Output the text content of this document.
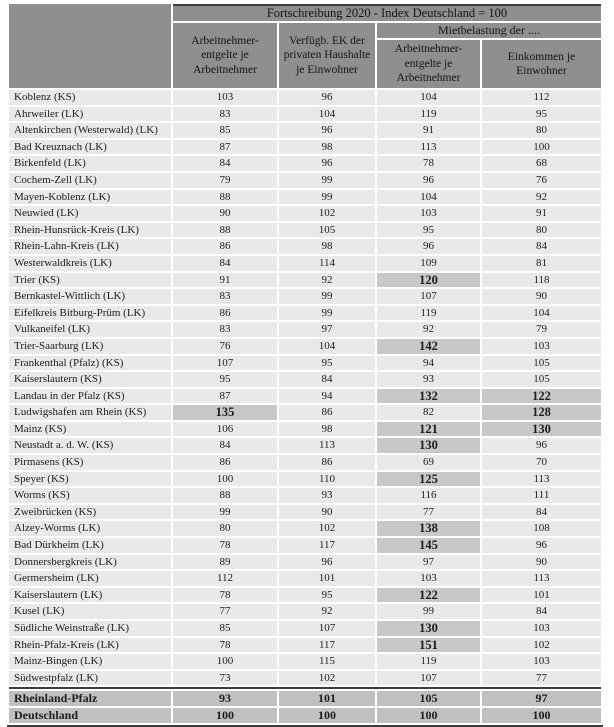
	Fortschreibung 2020 - Index Deutschland = 100			
	Arbeitnehmer-entgelte je Arbeitnehmer	Verfügb. EK der privaten Haushalte je Einwohner	Mietbelastung der ....	
			Arbeitnehmer-entgelte je Arbeitnehmer	Einkommen je Einwohner
Koblenz (KS)	103	96	104	112
Ahrweiler (LK)	83	104	119	95
Altenkirchen (Westerwald) (LK)	85	96	91	80
Bad Kreuznach (LK)	87	98	113	100
Birkenfeld (LK)	84	96	78	68
Cochem-Zell (LK)	79	99	96	76
Mayen-Koblenz (LK)	88	99	104	92
Neuwied (LK)	90	102	103	91
Rhein-Hunsrück-Kreis (LK)	88	105	95	80
Rhein-Lahn-Kreis (LK)	86	98	96	84
Westerwaldkreis (LK)	84	114	109	81
Trier (KS)	91	92	120	118
Bernkastel-Wittlich (LK)	83	99	107	90
Eifelkreis Bitburg-Prüm (LK)	86	99	119	104
Vulkaneifel (LK)	83	97	92	79
Trier-Saarburg (LK)	76	104	142	103
Frankenthal (Pfalz) (KS)	107	95	94	105
Kaiserslautern (KS)	95	84	93	105
Landau in der Pfalz (KS)	87	94	132	122
Ludwigshafen am Rhein (KS)	135	86	82	128
Mainz (KS)	106	98	121	130
Neustadt a. d. W. (KS)	84	113	130	96
Pirmasens (KS)	86	86	69	70
Speyer (KS)	100	110	125	113
Worms (KS)	88	93	116	111
Zweibrücken (KS)	99	90	77	84
Alzey-Worms (LK)	80	102	138	108
Bad Dürkheim (LK)	78	117	145	96
Donnersbergkreis (LK)	89	96	97	90
Germersheim (LK)	112	101	103	113
Kaiserslautern (LK)	78	95	122	101
Kusel (LK)	77	92	99	84
Südliche Weinstraße (LK)	85	107	130	103
Rhein-Pfalz-Kreis (LK)	78	117	151	102
Mainz-Bingen (LK)	100	115	119	103
Südwestpfalz (LK)	73	102	107	77

Rheinland-Pfalz	93	101	105	97
Deutschland	100	100	100	100
